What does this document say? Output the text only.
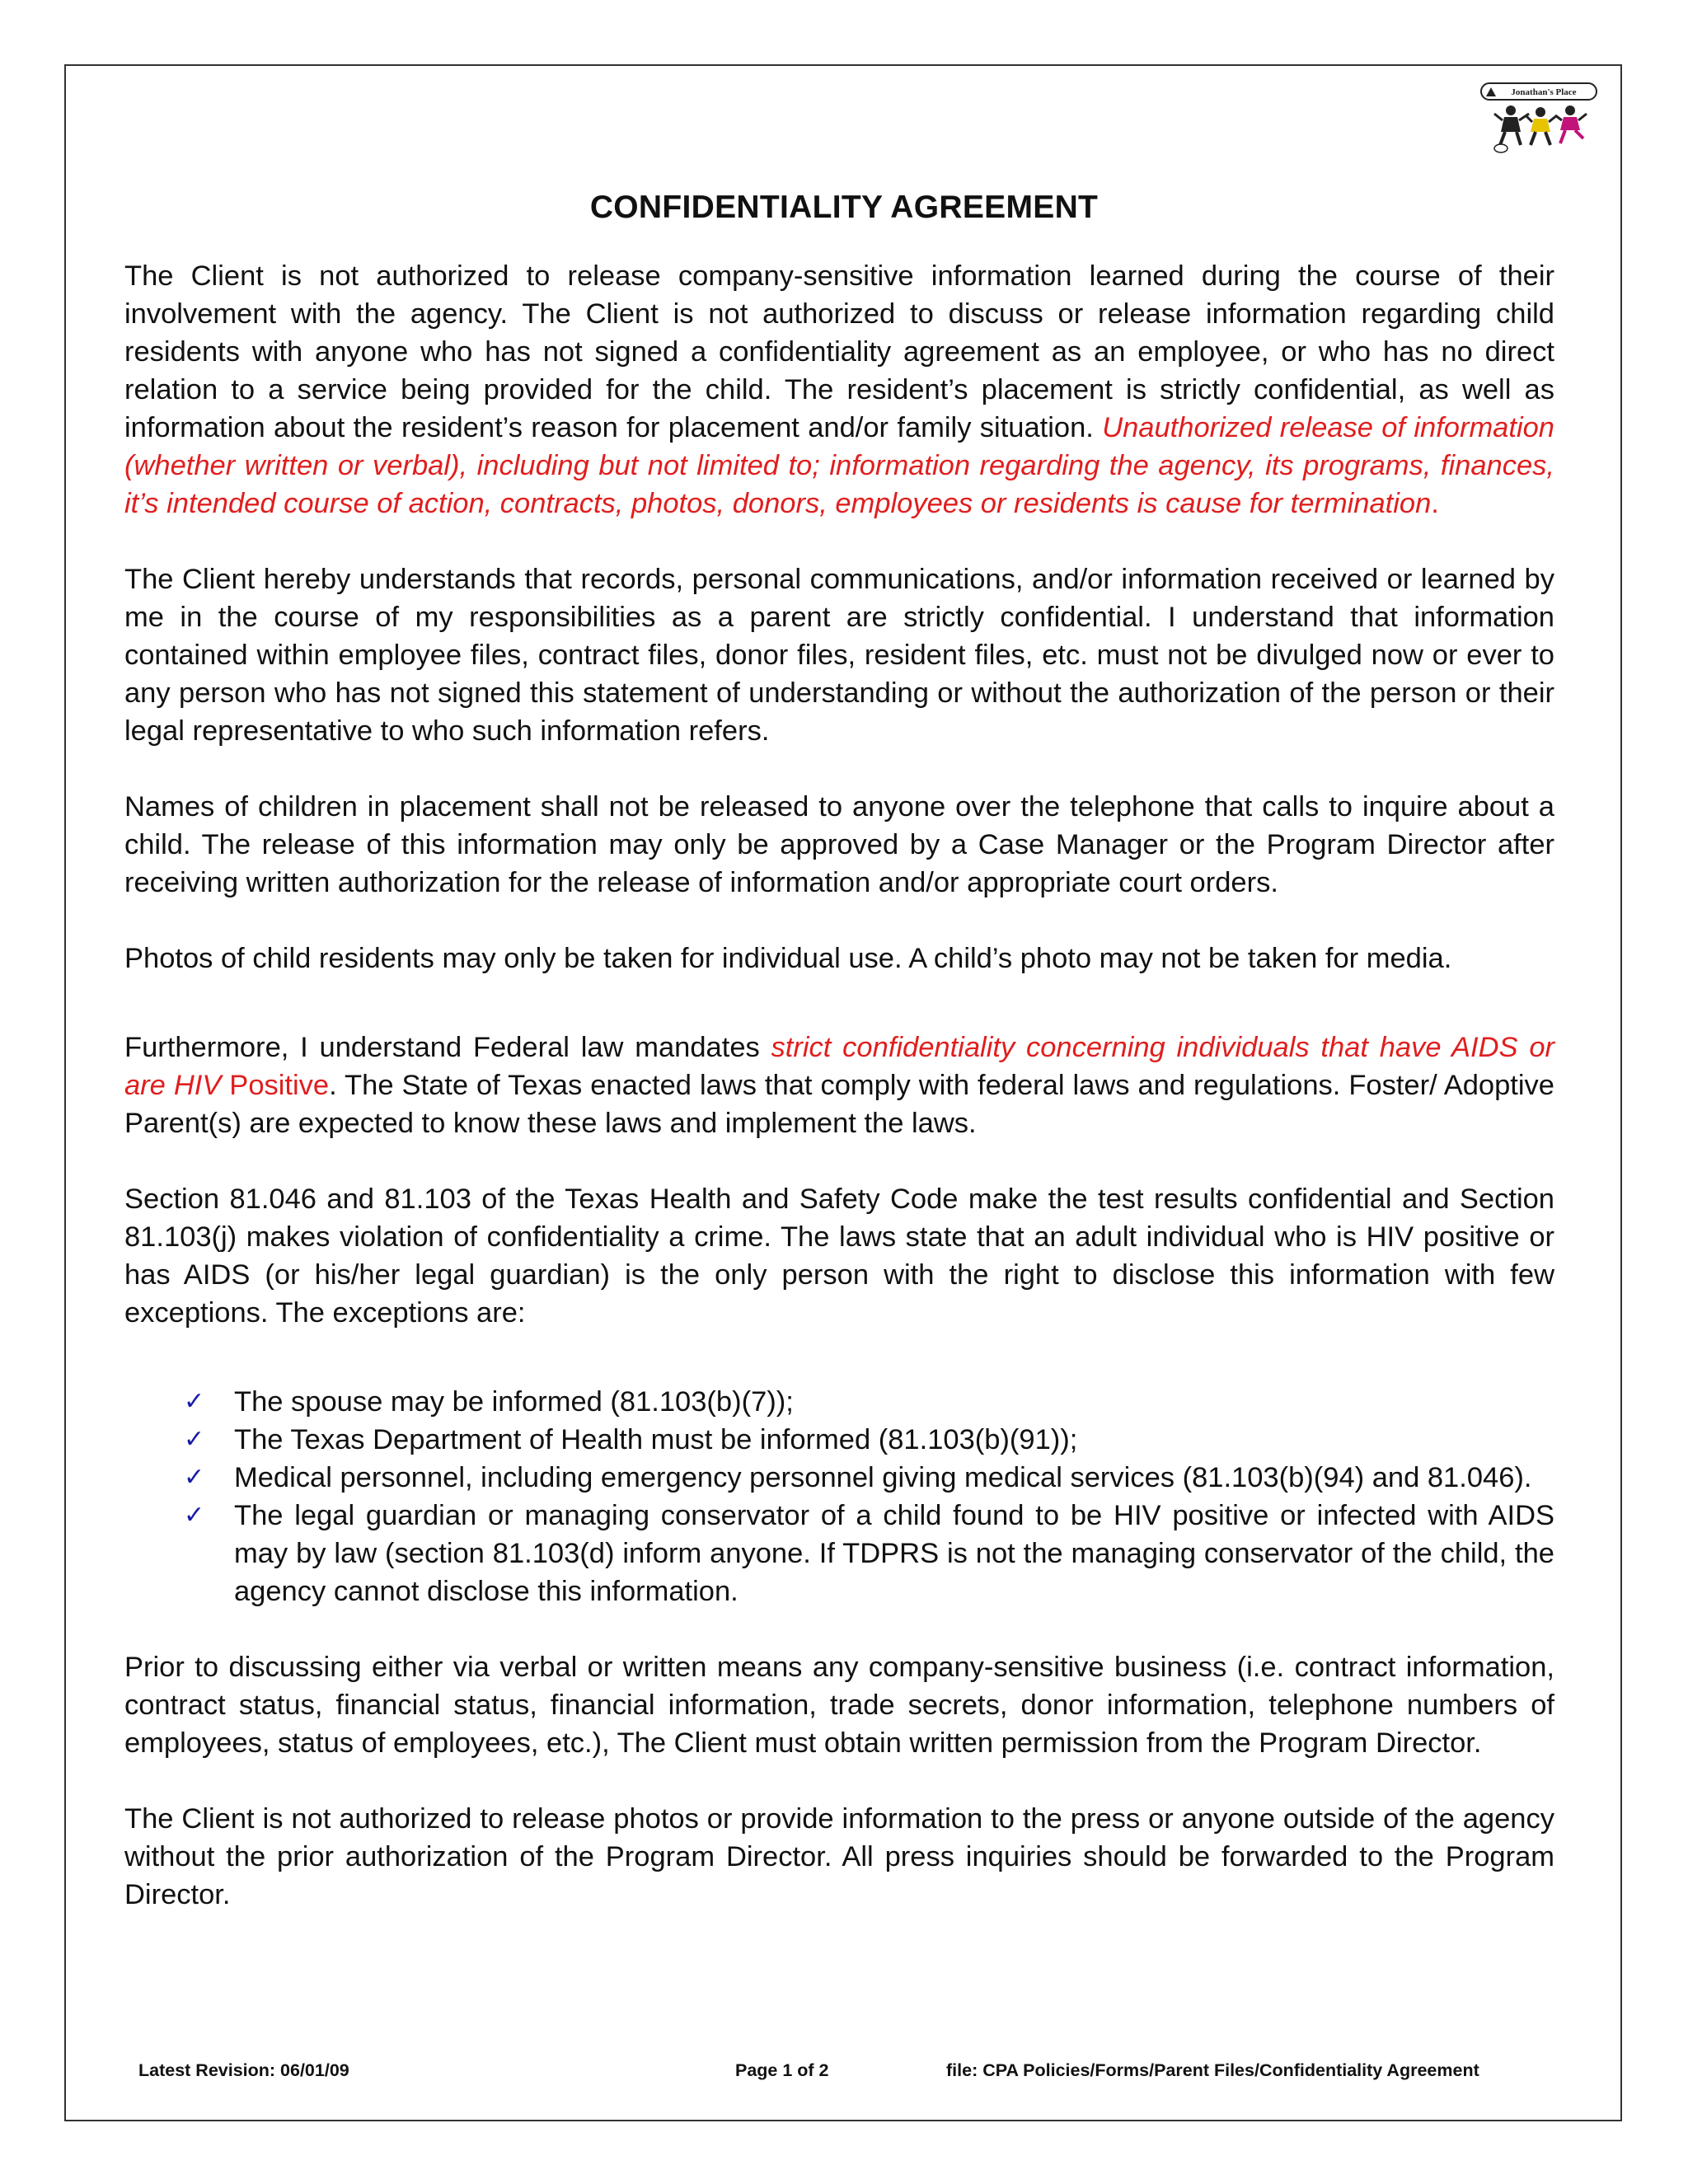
Jonathan's Place
CONFIDENTIALITY AGREEMENT

The Client is not authorized to release company-sensitive information learned during the course of their involvement with the agency. The Client is not authorized to discuss or release information regarding child residents with anyone who has not signed a confidentiality agreement as an employee, or who has no direct relation to a service being provided for the child. The resident’s placement is strictly confidential, as well as information about the resident’s reason for placement and/or family situation. Unauthorized release of information (whether written or verbal), including but not limited to; information regarding the agency, its programs, finances, it’s intended course of action, contracts, photos, donors, employees or residents is cause for termination.

The Client hereby understands that records, personal communications, and/or information received or learned by me in the course of my responsibilities as a parent are strictly confidential. I understand that information contained within employee files, contract files, donor files, resident files, etc. must not be divulged now or ever to any person who has not signed this statement of understanding or without the authorization of the person or their legal representative to who such information refers.

Names of children in placement shall not be released to anyone over the telephone that calls to inquire about a child. The release of this information may only be approved by a Case Manager or the Program Director after receiving written authorization for the release of information and/or appropriate court orders.

Photos of child residents may only be taken for individual use. A child’s photo may not be taken for media.

Furthermore, I understand Federal law mandates strict confidentiality concerning individuals that have AIDS or are HIV Positive. The State of Texas enacted laws that comply with federal laws and regulations. Foster/ Adoptive Parent(s) are expected to know these laws and implement the laws.

Section 81.046 and 81.103 of the Texas Health and Safety Code make the test results confidential and Section 81.103(j) makes violation of confidentiality a crime. The laws state that an adult individual who is HIV positive or has AIDS (or his/her legal guardian) is the only person with the right to disclose this information with few exceptions. The exceptions are:

✓ The spouse may be informed (81.103(b)(7));
✓ The Texas Department of Health must be informed (81.103(b)(91));
✓ Medical personnel, including emergency personnel giving medical services (81.103(b)(94) and 81.046).
✓ The legal guardian or managing conservator of a child found to be HIV positive or infected with AIDS may by law (section 81.103(d) inform anyone. If TDPRS is not the managing conservator of the child, the agency cannot disclose this information.

Prior to discussing either via verbal or written means any company-sensitive business (i.e. contract information, contract status, financial status, financial information, trade secrets, donor information, telephone numbers of employees, status of employees, etc.), The Client must obtain written permission from the Program Director.

The Client is not authorized to release photos or provide information to the press or anyone outside of the agency without the prior authorization of the Program Director. All press inquiries should be forwarded to the Program Director.

Latest Revision: 06/01/09	Page 1 of 2	file: CPA Policies/Forms/Parent Files/Confidentiality Agreement
